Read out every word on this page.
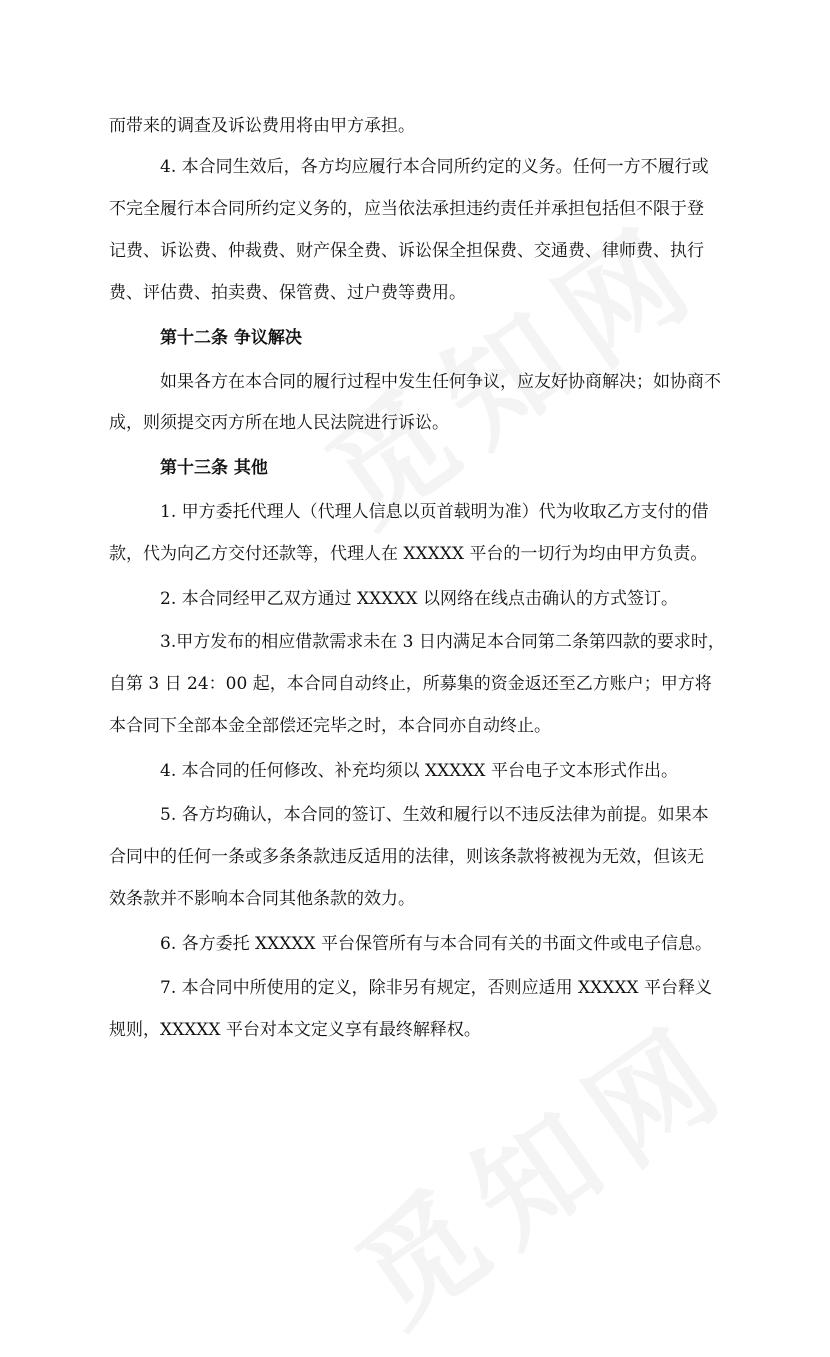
而带来的调查及诉讼费用将由甲方承担。
4. 本合同生效后，各方均应履行本合同所约定的义务。任何一方不履行或
不完全履行本合同所约定义务的，应当依法承担违约责任并承担包括但不限于登
记费、诉讼费、仲裁费、财产保全费、诉讼保全担保费、交通费、律师费、执行
费、评估费、拍卖费、保管费、过户费等费用。
第十二条 争议解决
如果各方在本合同的履行过程中发生任何争议，应友好协商解决；如协商不
成，则须提交丙方所在地人民法院进行诉讼。
第十三条 其他
1. 甲方委托代理人（代理人信息以页首载明为准）代为收取乙方支付的借
款，代为向乙方交付还款等，代理人在 XXXXX 平台的一切行为均由甲方负责。
2. 本合同经甲乙双方通过 XXXXX 以网络在线点击确认的方式签订。
3.甲方发布的相应借款需求未在 3 日内满足本合同第二条第四款的要求时，
自第 3 日 24：00 起，本合同自动终止，所募集的资金返还至乙方账户；甲方将
本合同下全部本金全部偿还完毕之时，本合同亦自动终止。
4. 本合同的任何修改、补充均须以 XXXXX 平台电子文本形式作出。
5. 各方均确认，本合同的签订、生效和履行以不违反法律为前提。如果本
合同中的任何一条或多条条款违反适用的法律，则该条款将被视为无效，但该无
效条款并不影响本合同其他条款的效力。
6. 各方委托 XXXXX 平台保管所有与本合同有关的书面文件或电子信息。
7. 本合同中所使用的定义，除非另有规定，否则应适用 XXXXX 平台释义
规则，XXXXX 平台对本文定义享有最终解释权。
